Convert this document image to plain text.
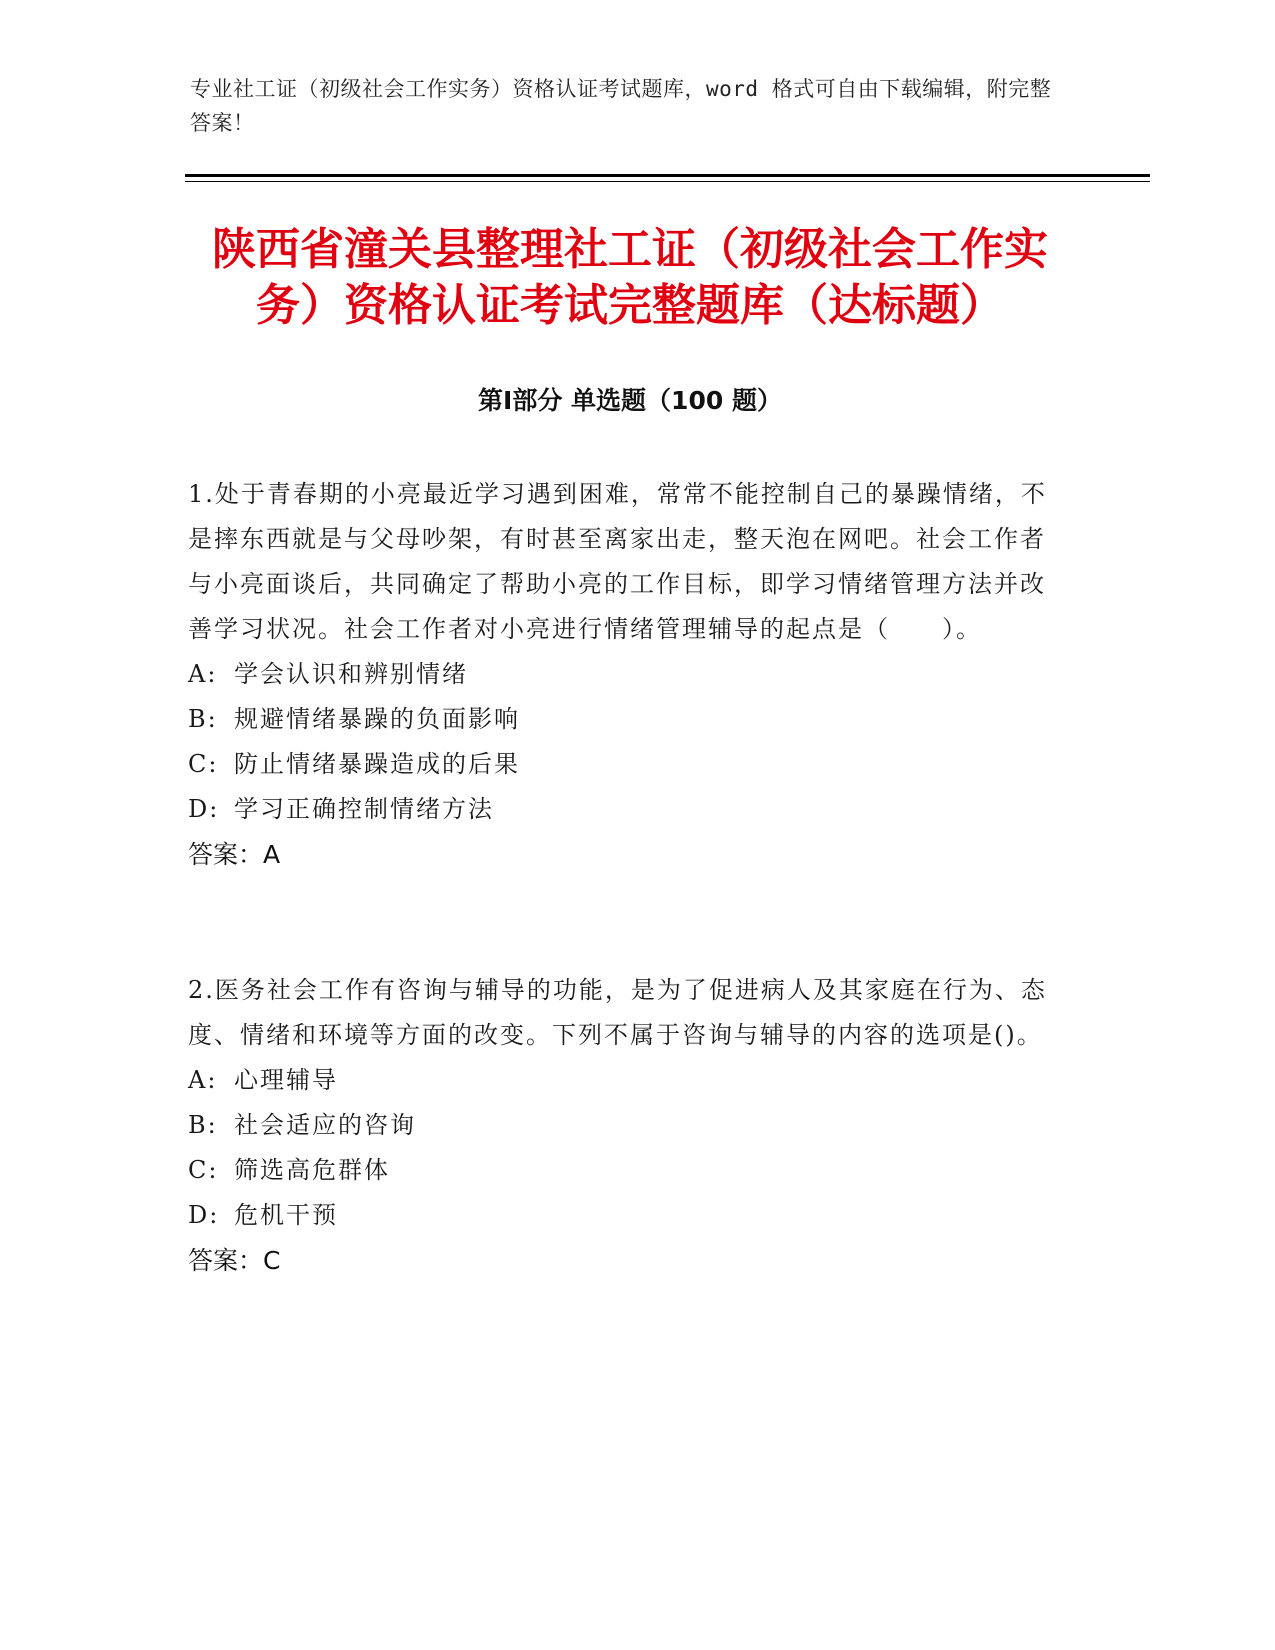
专业社工证（初级社会工作实务）资格认证考试题库，word 格式可自由下载编辑，附完整答案！
陕西省潼关县整理社工证（初级社会工作实务）资格认证考试完整题库（达标题）
第Ⅰ部分 单选题（100 题）

1.处于青春期的小亮最近学习遇到困难，常常不能控制自己的暴躁情绪，不是摔东西就是与父母吵架，有时甚至离家出走，整天泡在网吧。社会工作者与小亮面谈后，共同确定了帮助小亮的工作目标，即学习情绪管理方法并改善学习状况。社会工作者对小亮进行情绪管理辅导的起点是（　　）。

A: 学会认识和辨别情绪
B: 规避情绪暴躁的负面影响
C: 防止情绪暴躁造成的后果
D: 学习正确控制情绪方法

答案：A

2.医务社会工作有咨询与辅导的功能，是为了促进病人及其家庭在行为、态度、情绪和环境等方面的改变。下列不属于咨询与辅导的内容的选项是()。

A: 心理辅导
B: 社会适应的咨询
C: 筛选高危群体
D: 危机干预

答案：C
